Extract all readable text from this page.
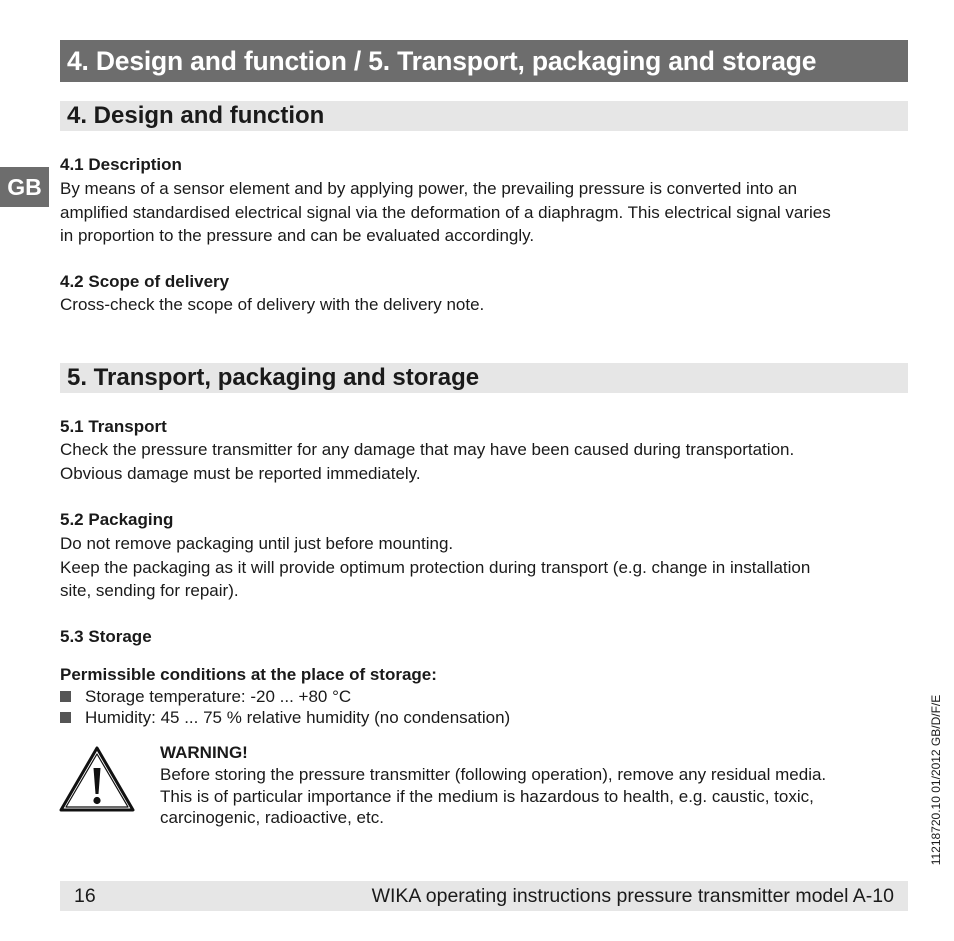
4. Design and function / 5. Transport, packaging and storage
GB
4. Design and function
4.1 Description
By means of a sensor element and by applying power, the prevailing pressure is converted into an
amplified standardised electrical signal via the deformation of a diaphragm. This electrical signal varies
in proportion to the pressure and can be evaluated accordingly.
4.2 Scope of delivery
Cross-check the scope of delivery with the delivery note.
5. Transport, packaging and storage
5.1 Transport
Check the pressure transmitter for any damage that may have been caused during transportation.
Obvious damage must be reported immediately.
5.2 Packaging
Do not remove packaging until just before mounting.
Keep the packaging as it will provide optimum protection during transport (e.g. change in installation
site, sending for repair).
5.3 Storage
Permissible conditions at the place of storage:
Storage temperature: -20 ... +80 °C
Humidity: 45 ... 75 % relative humidity (no condensation)
WARNING!
Before storing the pressure transmitter (following operation), remove any residual media.
This is of particular importance if the medium is hazardous to health, e.g. caustic, toxic,
carcinogenic, radioactive, etc.	11218720.10 01/2012 GB/D/F/E
16	WIKA operating instructions pressure transmitter model A-10
